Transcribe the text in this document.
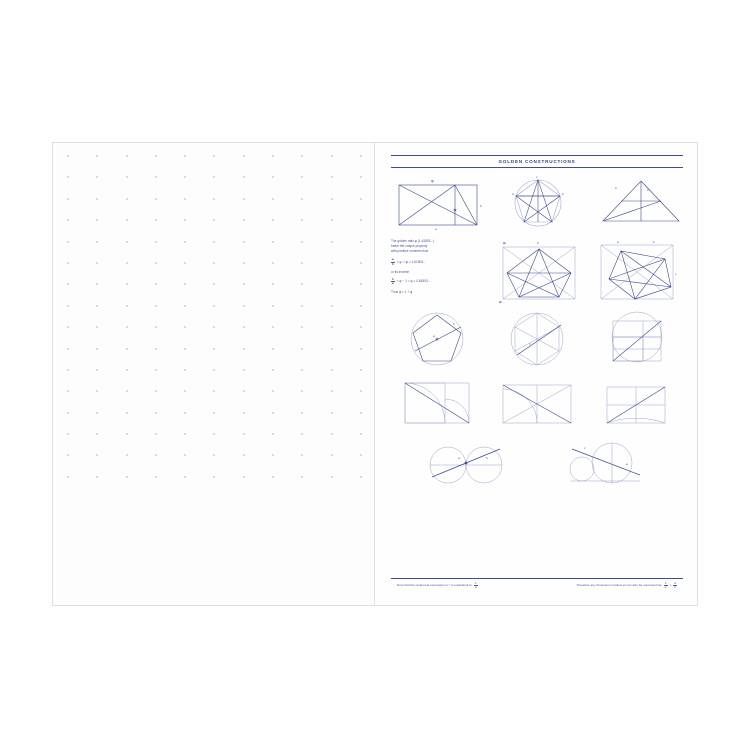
GOLDEN CONSTRUCTIONS
φ²
b
a
c
b
a
a	b
The golden ratio φ (1.61803...)
bears the unique property
with positive numbers that
$\frac{a}{b} = \varphi$ ⇒ φ = 1.61803...
or its inverse
$\frac{b}{a} = \varphi - 1 = \varphi = 0.61803$...
Thus φ = 1 + φ
φ²	b
φ²
a	b
c
a
b
c
a	b
c
a
Note that the reciprocal expression φ⁻¹ is equivalent to $\frac{1}{\varphi}$	Therefore any dimension marked φ² can also be expressed as $\frac{1}{\varphi} + \frac{a}{b}$
